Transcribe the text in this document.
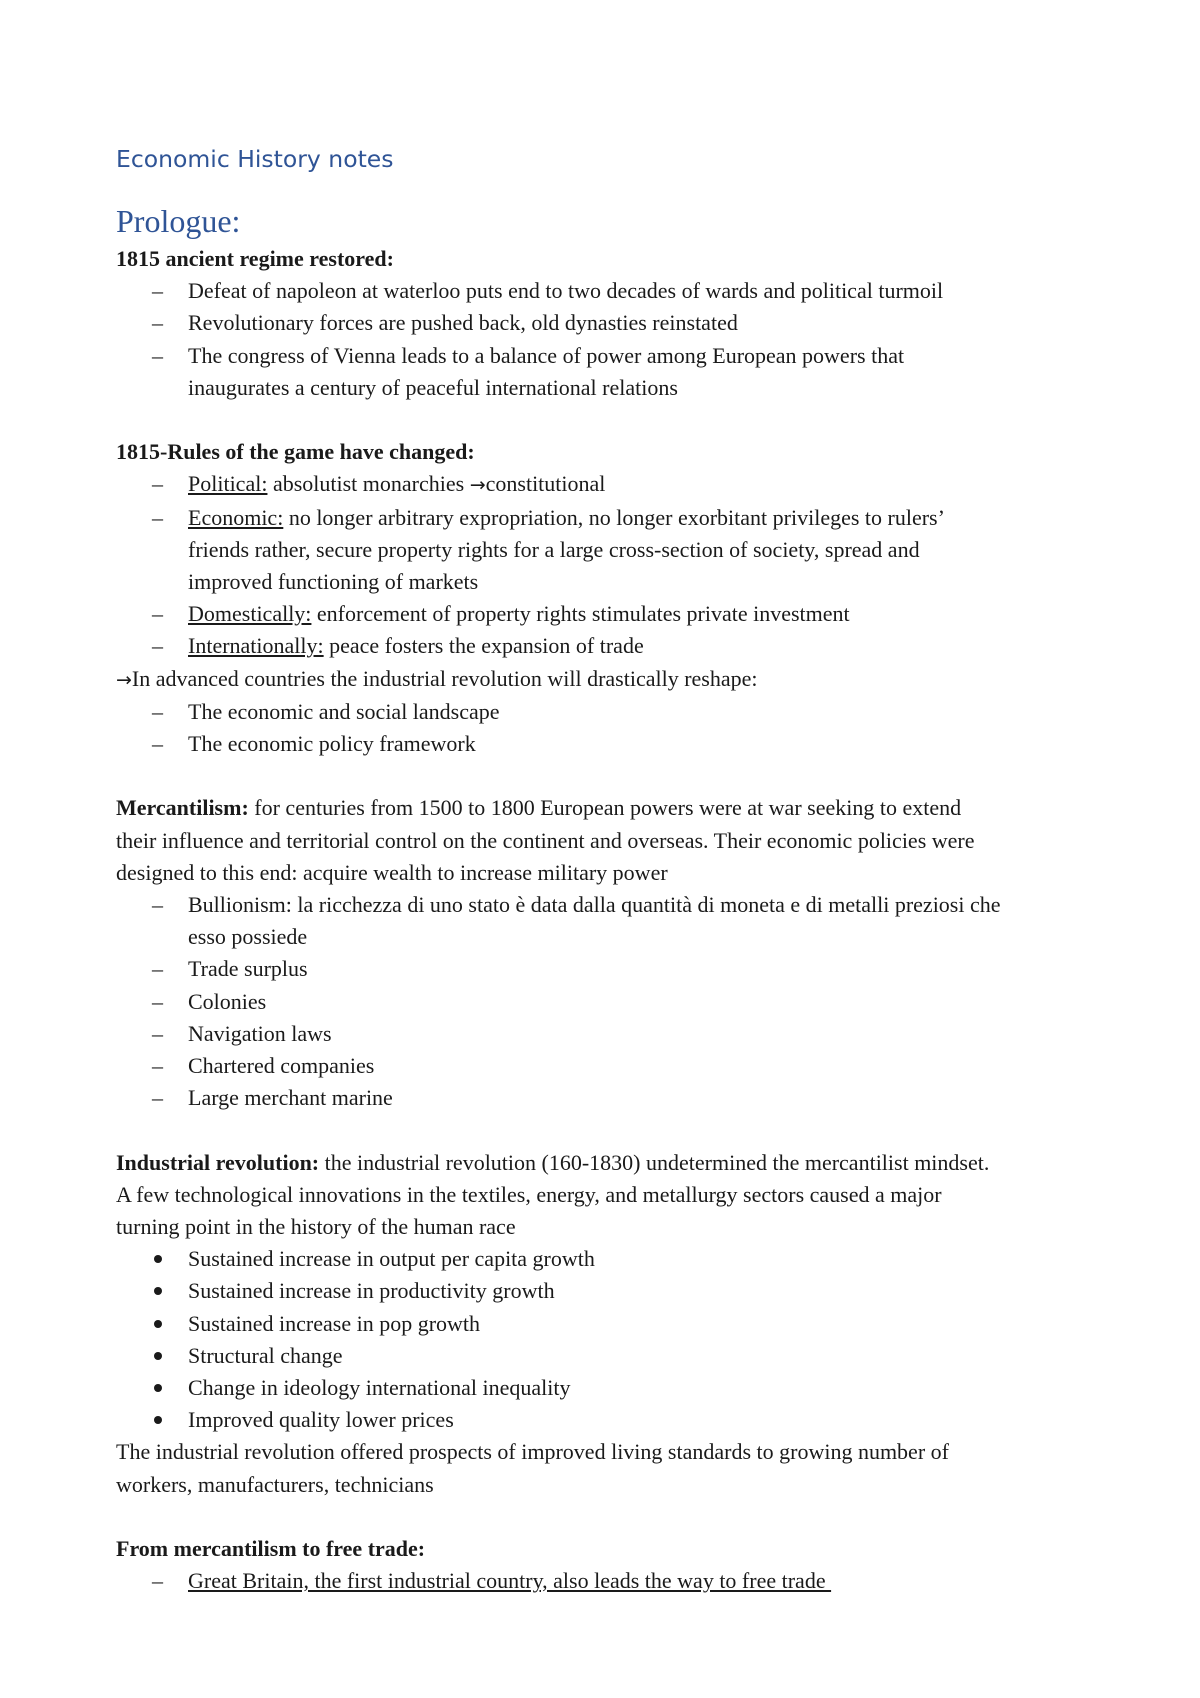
Economic History notes
Prologue:
1815 ancient regime restored:
–
Defeat of napoleon at waterloo puts end to two decades of wards and political turmoil
–
Revolutionary forces are pushed back, old dynasties reinstated
–
The congress of Vienna leads to a balance of power among European powers that
inaugurates a century of peaceful international relations
1815-Rules of the game have changed:
–
Political: absolutist monarchies →constitutional
–
Economic: no longer arbitrary expropriation, no longer exorbitant privileges to rulers’
friends rather, secure property rights for a large cross-section of society, spread and
improved functioning of markets
–
Domestically: enforcement of property rights stimulates private investment
–
Internationally: peace fosters the expansion of trade
→In advanced countries the industrial revolution will drastically reshape:
–
The economic and social landscape
–
The economic policy framework
Mercantilism: for centuries from 1500 to 1800 European powers were at war seeking to extend
their influence and territorial control on the continent and overseas. Their economic policies were
designed to this end: acquire wealth to increase military power
–
Bullionism: la ricchezza di uno stato è data dalla quantità di moneta e di metalli preziosi che
esso possiede
–
Trade surplus
–
Colonies
–
Navigation laws
–
Chartered companies
–
Large merchant marine
Industrial revolution: the industrial revolution (160-1830) undetermined the mercantilist mindset.
A few technological innovations in the textiles, energy, and metallurgy sectors caused a major
turning point in the history of the human race
Sustained increase in output per capita growth
Sustained increase in productivity growth
Sustained increase in pop growth
Structural change
Change in ideology international inequality
Improved quality lower prices
The industrial revolution offered prospects of improved living standards to growing number of
workers, manufacturers, technicians
From mercantilism to free trade:
–
Great Britain, the first industrial country, also leads the way to free trade
